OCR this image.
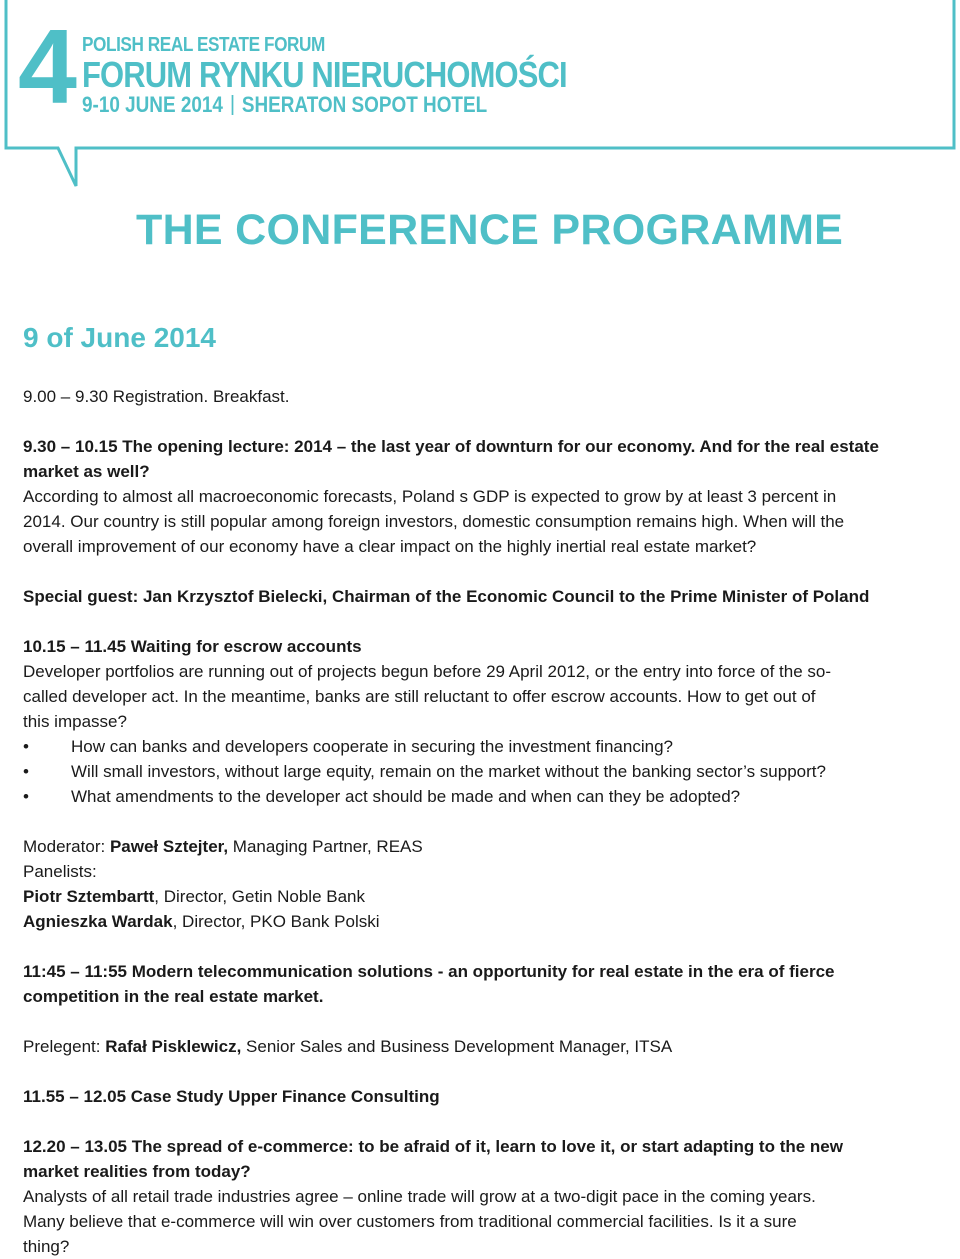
4 POLISH REAL ESTATE FORUM
FORUM RYNKU NIERUCHOMOŚCI
9-10 JUNE 2014 SHERATON SOPOT HOTEL
THE CONFERENCE PROGRAMME
9 of June 2014

9.00 – 9.30 Registration. Breakfast.

9.30 – 10.15 The opening lecture: 2014 – the last year of downturn for our economy. And for the real estate

market as well?

According to almost all macroeconomic forecasts, Poland s GDP is expected to grow by at least 3 percent in

2014. Our country is still popular among foreign investors, domestic consumption remains high. When will the

overall improvement of our economy have a clear impact on the highly inertial real estate market?

Special guest: Jan Krzysztof Bielecki, Chairman of the Economic Council to the Prime Minister of Poland

10.15 – 11.45 Waiting for escrow accounts

Developer portfolios are running out of projects begun before 29 April 2012, or the entry into force of the so-

called developer act. In the meantime, banks are still reluctant to offer escrow accounts. How to get out of

this impasse?

•	How can banks and developers cooperate in securing the investment financing?
•	Will small investors, without large equity, remain on the market without the banking sector’s support?
•	What amendments to the developer act should be made and when can they be adopted?

Moderator: Paweł Sztejter, Managing Partner, REAS

Panelists:

Piotr Sztembartt, Director, Getin Noble Bank

Agnieszka Wardak, Director, PKO Bank Polski

11:45 – 11:55 Modern telecommunication solutions - an opportunity for real estate in the era of fierce

competition in the real estate market.

Prelegent: Rafał Pisklewicz, Senior Sales and Business Development Manager, ITSA

11.55 – 12.05 Case Study Upper Finance Consulting

12.20 – 13.05 The spread of e-commerce: to be afraid of it, learn to love it, or start adapting to the new

market realities from today?

Analysts of all retail trade industries agree – online trade will grow at a two-digit pace in the coming years.

Many believe that e-commerce will win over customers from traditional commercial facilities. Is it a sure

thing?
